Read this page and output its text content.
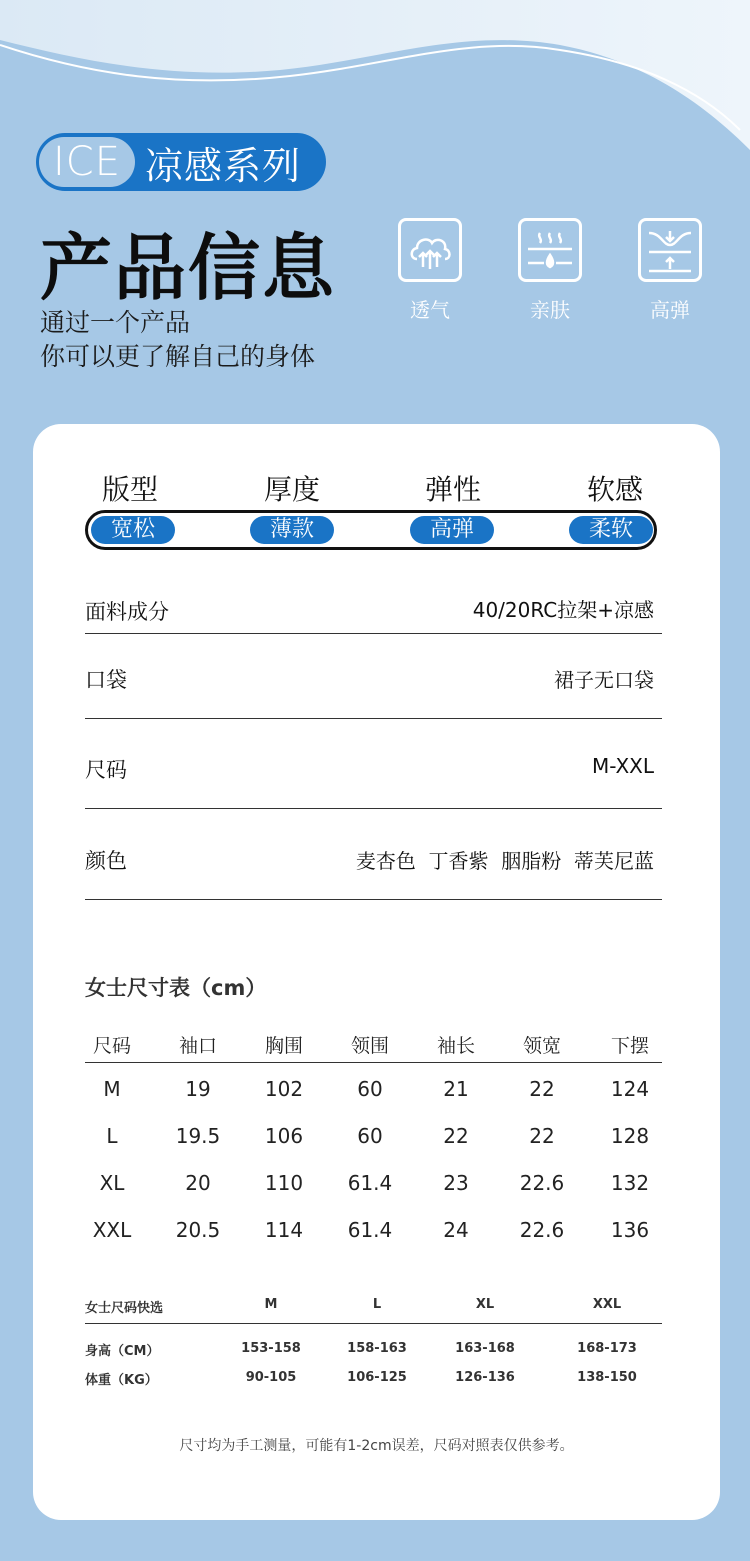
ICE 凉感系列
产品信息
通过一个产品
你可以更了解自己的身体
透气	亲肤	高弹
版型	厚度	弹性	软感
宽松	薄款	高弹	柔软
面料成分	40/20RC拉架+凉感
口袋	裙子无口袋
尺码	M-XXL
颜色	麦杏色  丁香紫  胭脂粉  蒂芙尼蓝
女士尺寸表（cm）
尺码	袖口	胸围	领围	袖长	领宽	下摆
M	19	102	60	21	22	124
L	19.5	106	60	22	22	128
XL	20	110	61.4	23	22.6	132
XXL	20.5	114	61.4	24	22.6	136
女士尺码快选	M	L	XL	XXL
身高（CM）	153-158	158-163	163-168	168-173
体重（KG）	90-105	106-125	126-136	138-150
尺寸均为手工测量，可能有1-2cm误差，尺码对照表仅供参考。
